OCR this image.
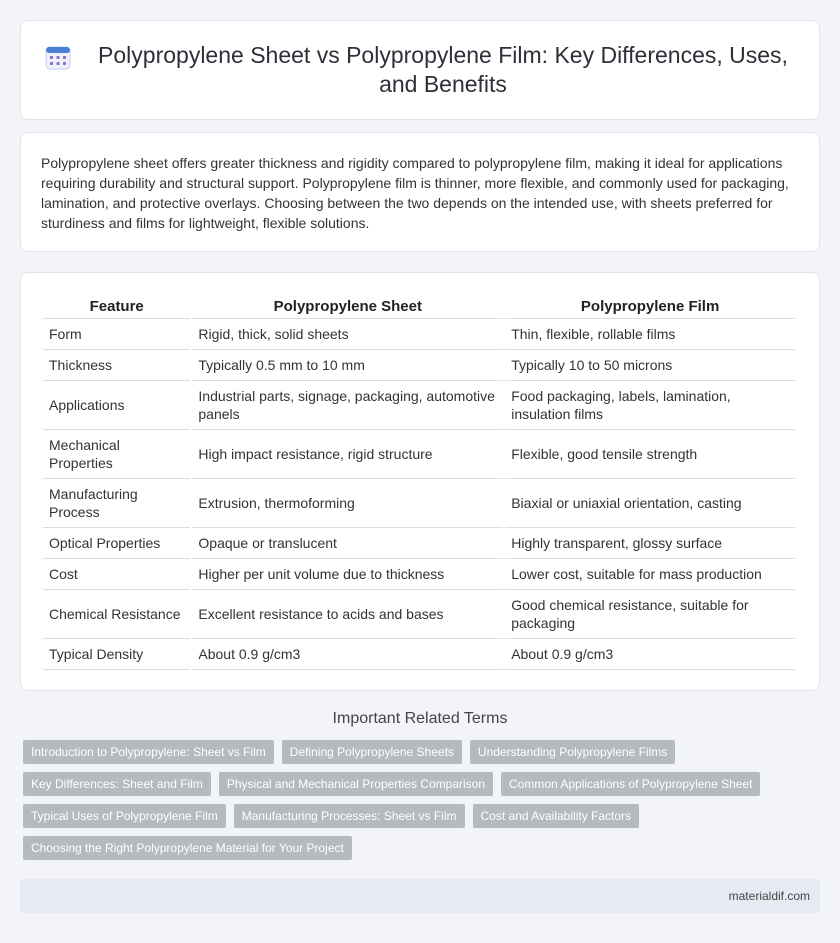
Polypropylene Sheet vs Polypropylene Film: Key Differences, Uses, and Benefits

Polypropylene sheet offers greater thickness and rigidity compared to polypropylene film, making it ideal for applications requiring durability and structural support. Polypropylene film is thinner, more flexible, and commonly used for packaging, lamination, and protective overlays. Choosing between the two depends on the intended use, with sheets preferred for sturdiness and films for lightweight, flexible solutions.

Feature	Polypropylene Sheet	Polypropylene Film
Form	Rigid, thick, solid sheets	Thin, flexible, rollable films
Thickness	Typically 0.5 mm to 10 mm	Typically 10 to 50 microns
Applications	Industrial parts, signage, packaging, automotive panels	Food packaging, labels, lamination, insulation films
Mechanical Properties	High impact resistance, rigid structure	Flexible, good tensile strength
Manufacturing Process	Extrusion, thermoforming	Biaxial or uniaxial orientation, casting
Optical Properties	Opaque or translucent	Highly transparent, glossy surface
Cost	Higher per unit volume due to thickness	Lower cost, suitable for mass production
Chemical Resistance	Excellent resistance to acids and bases	Good chemical resistance, suitable for packaging
Typical Density	About 0.9 g/cm3	About 0.9 g/cm3
Important Related Terms
Introduction to Polypropylene: Sheet vs Film	Defining Polypropylene Sheets	Understanding Polypropylene Films
Key Differences: Sheet and Film	Physical and Mechanical Properties Comparison	Common Applications of Polypropylene Sheet
Typical Uses of Polypropylene Film	Manufacturing Processes: Sheet vs Film	Cost and Availability Factors
Choosing the Right Polypropylene Material for Your Project
materialdif.com
